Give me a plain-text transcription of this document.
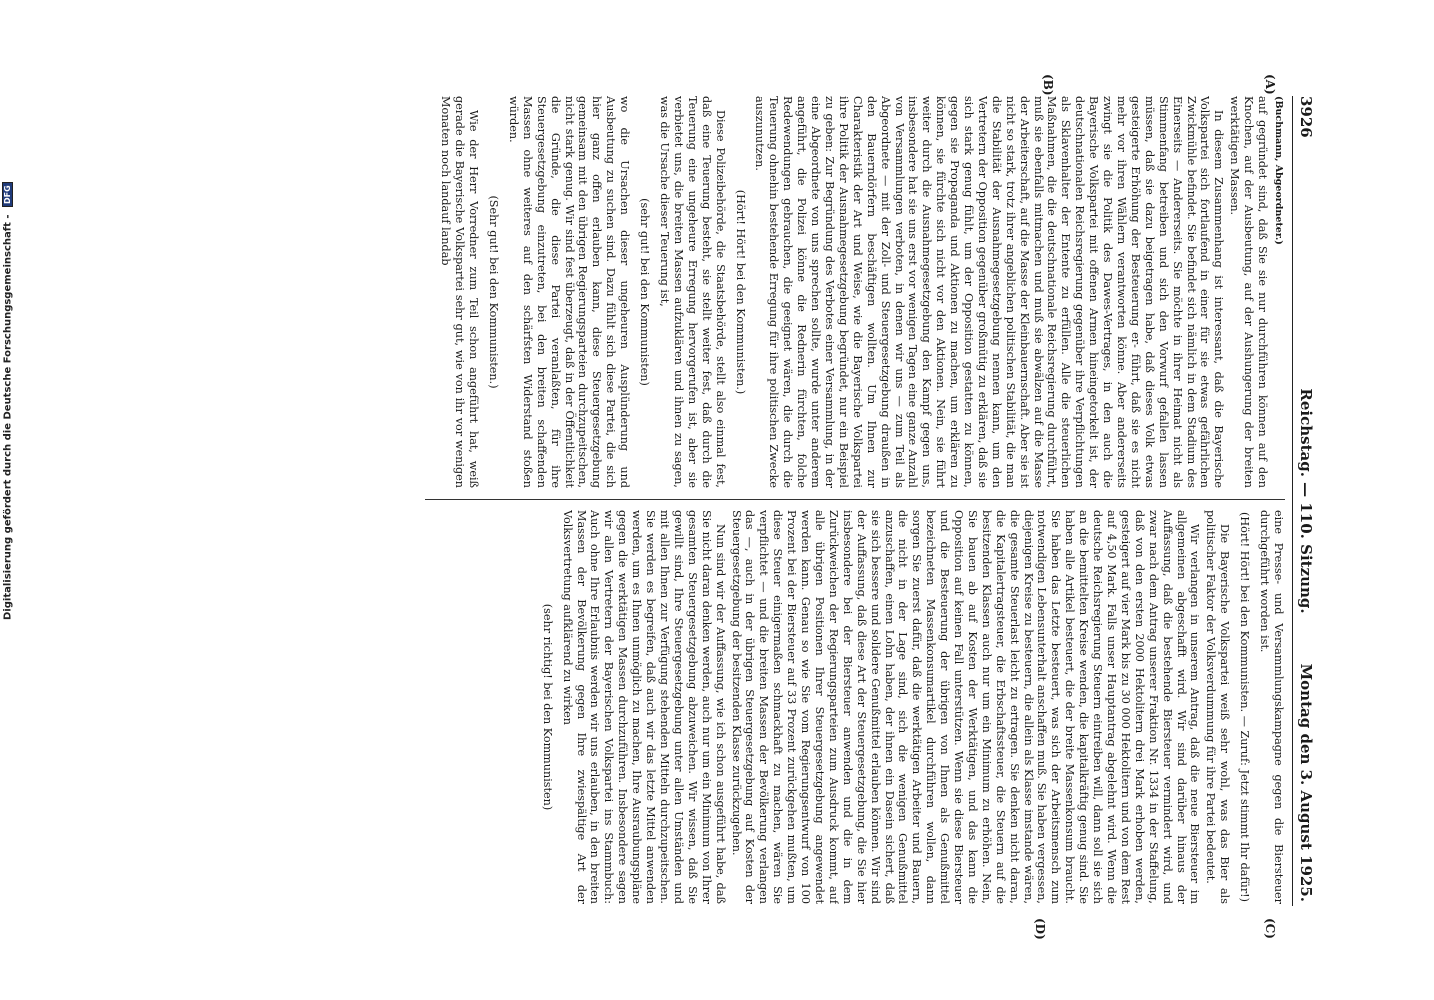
3926
Reichstag. — 110. Sitzung.
Montag den 3. August 1925.
(A)
(B)
(C)
(D)

(Buchmann, Abgeordneter.)

auf gegründet sind, daß Sie sie nur durchführen können auf den Knochen, auf der Ausbeutung, auf der Aushungerung der breiten werktätigen Massen.

In diesem Zusammenhang ist interessant, daß die Bayerische Volkspartei sich fortlaufend in einer für sie etwas gefährlichen Zwickmühle befindet. Sie befindet sich nämlich in dem Stadium des Einerseits — Andererseits. Sie möchte in ihrer Heimat nicht als Stimmenfang betreiben und sich den Vorwurf gefallen lassen müssen, daß sie dazu beigetragen habe, daß dieses Volk etwas gesteigerte Erhöhung der Besteuerung er- führt, daß sie es nicht mehr vor ihren Wählern verantworten könne. Aber andererseits zwingt sie die Politik des Dawes-Vertrages, in den auch die Bayerische Volkspartei mit offenen Armen hineingetorkelt ist, der deutschnationalen Reichsregierung gegenüber ihre Verpflichtungen als Sklavenhalter der Entente zu erfüllen. Alle die steuerlichen Maßnahmen, die die deutschnationale Reichsregierung durchführt, muß sie ebenfalls mitmachen und muß sie abwälzen auf die Masse der Arbeiterschaft, auf die Masse der Kleinbauernschaft. Aber sie ist nicht so stark, trotz ihrer angeblichen politischen Stabilität, die man die Stabilität der Ausnahmegesetzgebung nennen kann, um den Vertretern der Opposition gegenüber großmütig zu erklären, daß sie sich stark genug fühlt, um der Opposition gestatten zu können, gegen sie Propaganda und Aktionen zu machen, um erklären zu können, sie fürchte sich nicht vor den Aktionen. Nein, sie führt weiter durch die Ausnahmegesetzgebung den Kampf gegen uns, insbesondere hat sie uns erst vor wenigen Tagen eine ganze Anzahl von Versammlungen verboten, in denen wir uns — zum Teil als Abgeordnete — mit der Zoll- und Steuergesetzgebung draußen in den Bauerndörfern beschäftigen wollten. Um Ihnen zur Charakteristik der Art und Weise, wie die Bayerische Volkspartei ihre Politik der Ausnahmegesetzgebung begründet, nur ein Beispiel zu geben: Zur Begründung des Verbotes einer Versammlung, in der eine Abgeordnete von uns sprechen sollte, wurde unter anderem angeführt, die Polizei könne die Rednerin fürchten, folche Redewendungen gebrauchen, die geeignet wären, die durch die Teuerung ohnehin bestehende Erregung für ihre politischen Zwecke auszunutzen.

(Hört! Hört! bei den Kommunisten.)

Diese Polizeibehörde, die Staatsbehörde, stellt also einmal fest, daß eine Teuerung besteht, sie stellt weiter fest, daß durch die Teuerung eine ungeheure Erregung hervorgerufen ist, aber sie verbietet uns, die breiten Massen aufzuklären und ihnen zu sagen, was die Ursache dieser Teuerung ist,

(sehr gut! bei den Kommunisten)

wo die Ursachen dieser ungeheuren Ausplünderung und Ausbeutung zu suchen sind. Dazu fühlt sich diese Partei, die sich hier ganz offen erlauben kann, diese Steuergesetzgebung gemeinsam mit den übrigen Regierungsparteien durchzupeitschen, nicht stark genug. Wir sind fest überzeugt, daß in der Öffentlichkeit die Gründe, die diese Partei veranlaßten, für ihre Steuergesetzgebung einzutreten, bei den breiten schaffenden Massen ohne weiteres auf den schärfsten Widerstand stoßen würden.

(Sehr gut! bei den Kommunisten.)

Wie der Herr Vorredner zum Teil schon angeführt hat, weiß gerade die Bayerische Volkspartei sehr gut, wie von ihr vor wenigen Monaten noch landauf landab

eine Presse- und Versammlungskampagne gegen die Biersteuer durchgeführt worden ist.

(Hört! Hört! bei den Kommunisten. — Zuruf: Jetzt stimmt Ihr dafür!)

Die Bayerische Volkspartei weiß sehr wohl, was das Bier als politischer Faktor der Volksverdummung für ihre Partei bedeutet.

Wir verlangen in unserem Antrag, daß die neue Biersteuer im allgemeinen abgeschafft wird. Wir sind darüber hinaus der Auffassung, daß die bestehende Biersteuer vermindert wird, und zwar nach dem Antrag unserer Fraktion Nr. 1334 in der Staffelung, daß von den ersten 2000 Hektolitern drei Mark erhoben werden, gesteigert auf vier Mark bis zu 30 000 Hektolitern und von dem Rest auf 4,50 Mark. Falls unser Hauptantrag abgelehnt wird. Wenn die deutsche Reichsregierung Steuern eintreiben will, dann soll sie sich an die bemittelten Kreise wenden, die kapitalkräftig genug sind. Sie haben alle Artikel besteuert, die der breite Massenkonsum braucht. Sie haben das Letzte besteuert, was sich der Arbeitsmensch zum notwendigen Lebensunterhalt anschaffen muß. Sie haben vergessen, diejenigen Kreise zu besteuern, die allein als Klasse imstande wären, die gesamte Steuerlast leicht zu ertragen. Sie denken nicht daran, die Kapitalertragsteuer, die Erbschaftssteuer, die Steuern auf die besitzenden Klassen auch nur um ein Minimum zu erhöhen. Nein, Sie bauen ab auf Kosten der Werktätigen, und das kann die Opposition auf keinen Fall unterstützen. Wenn sie diese Biersteuer und die Besteuerung der übrigen von Ihnen als Genußmittel bezeichneten Massenkonsumartikel durchführen wollen, dann sorgen Sie zuerst dafür, daß die werktätigen Arbeiter und Bauern, die nicht in der Lage sind, sich die wenigen Genußmittel anzuschaffen, einen Lohn haben, der ihnen ein Dasein sichert, daß sie sich bessere und solidere Genußmittel erlauben können. Wir sind der Auffassung, daß diese Art der Steuergesetzgebung, die Sie hier insbesondere bei der Biersteuer anwenden und die in dem Zurückweichen der Regierungsparteien zum Ausdruck kommt, auf alle übrigen Positionen Ihrer Steuergesetzgebung angewendet werden kann. Genau so wie Sie vom Regierungsentwurf von 100 Prozent bei der Biersteuer auf 33 Prozent zurückgehen mußten, um diese Steuer einigermaßen schmackhaft zu machen, wären Sie verpflichtet — und die breiten Massen der Bevölkerung verlangen das —, auch in der übrigen Steuergesetzgebung auf Kosten der Steuergesetzgebung der besitzenden Klasse zurückzugehen.

Nun sind wir der Auffassung, wie ich schon ausgeführt habe, daß Sie nicht daran denken werden, auch nur um ein Minimum von Ihrer gesamten Steuergesetzgebung abzuweichen. Wir wissen, daß Sie gewillt sind, Ihre Steuergesetzgebung unter allen Umständen und mit allen Ihnen zur Verfügung stehenden Mitteln durchzupeitschen. Sie werden es begreifen, daß auch wir das letzte Mittel anwenden werden, um es Ihnen unmöglich zu machen, Ihre Ausraubungspläne gegen die werktätigen Massen durchzuführen. Insbesondere sagen wir allen Vertretern der Bayerischen Volkspartei ins Stammbuch: Auch ohne Ihre Erlaubnis werden wir uns erlauben, in den breiten Massen der Bevölkerung gegen Ihre zwiespältige Art der Volksvertretung aufklärend zu wirken

(sehr richtig! bei den Kommunisten)

Digitalisierung gefördert durch die Deutsche Forschungsgemeinschaft - DFG
